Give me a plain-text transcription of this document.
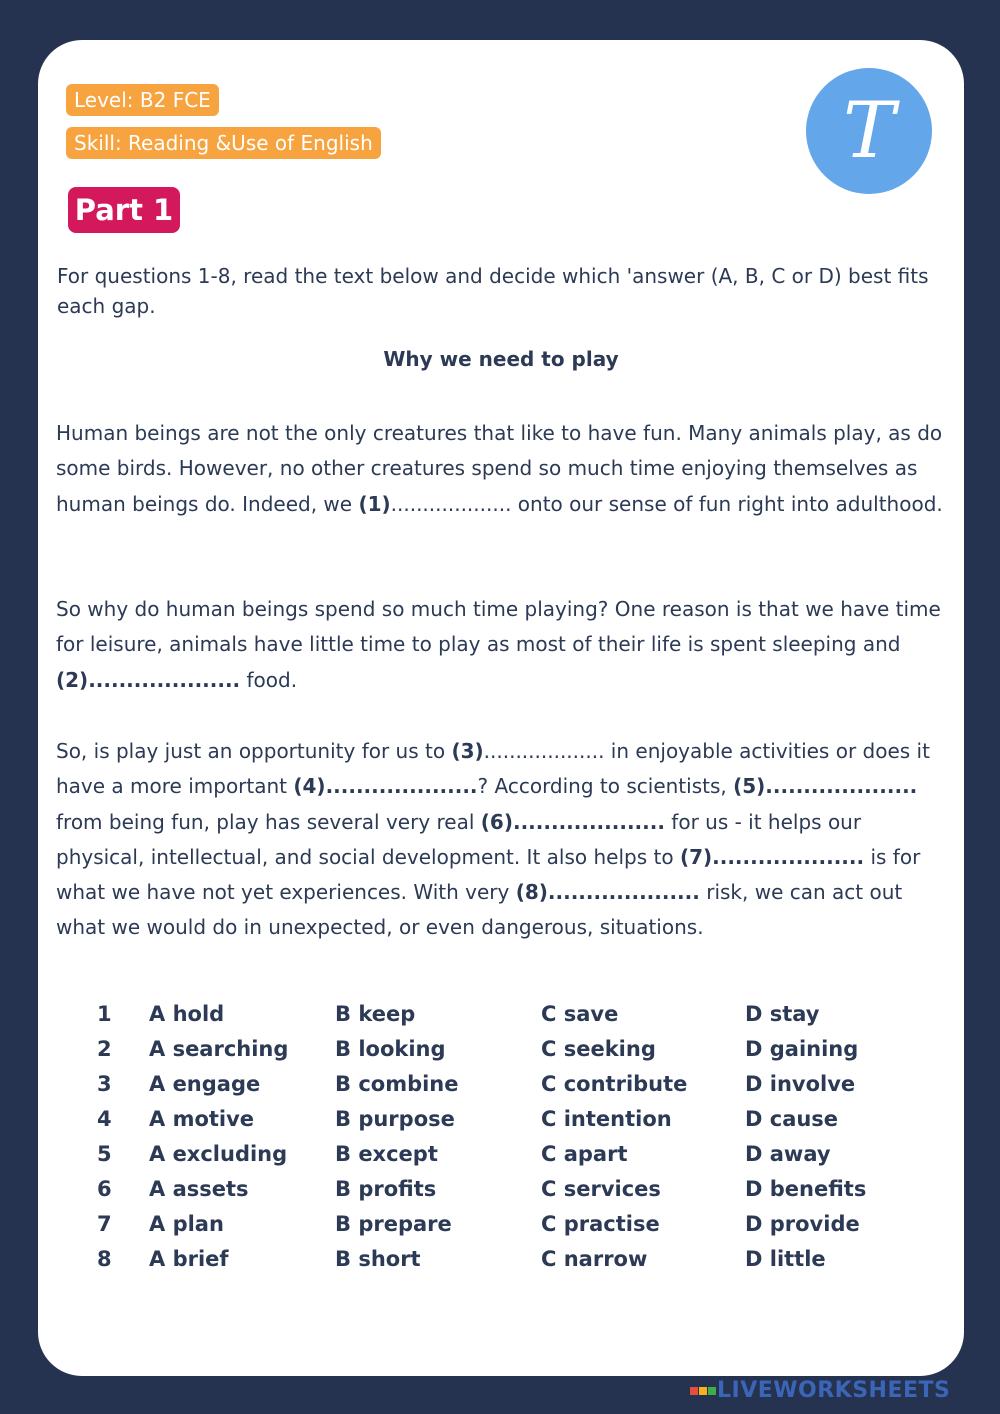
Level: B2 FCE
Skill: Reading &Use of English
Part 1
T

For questions 1-8, read the text below and decide which 'answer (A, B, C or D) best fits each gap.

Why we need to play

Human beings are not the only creatures that like to have fun. Many animals play, as do some birds. However, no other creatures spend so much time enjoying themselves as human beings do. Indeed, we (1)................... onto our sense of fun right into adulthood.

So why do human beings spend so much time playing? One reason is that we have time for leisure, animals have little time to play as most of their life is spent sleeping and (2).................... food.

So, is play just an opportunity for us to (3)................... in enjoyable activities or does it have a more important (4)....................? According to scientists, (5).................... from being fun, play has several very real (6).................... for us - it helps our physical, intellectual, and social development. It also helps to (7).................... is for what we have not yet experiences. With very (8).................... risk, we can act out what we would do in unexpected, or even dangerous, situations.

1 A hold	B keep	C save	D stay
2 A searching B looking	C seeking	D gaining
3 A engage	B combine	C contribute	D involve
4 A motive	B purpose	C intention	D cause
5 A excluding B except	C apart	D away
6 A assets	B profits	C services	D benefits
7 A plan	B prepare	C practise	D provide
8 A brief	B short	C narrow	D little
LIVEWORKSHEETS
